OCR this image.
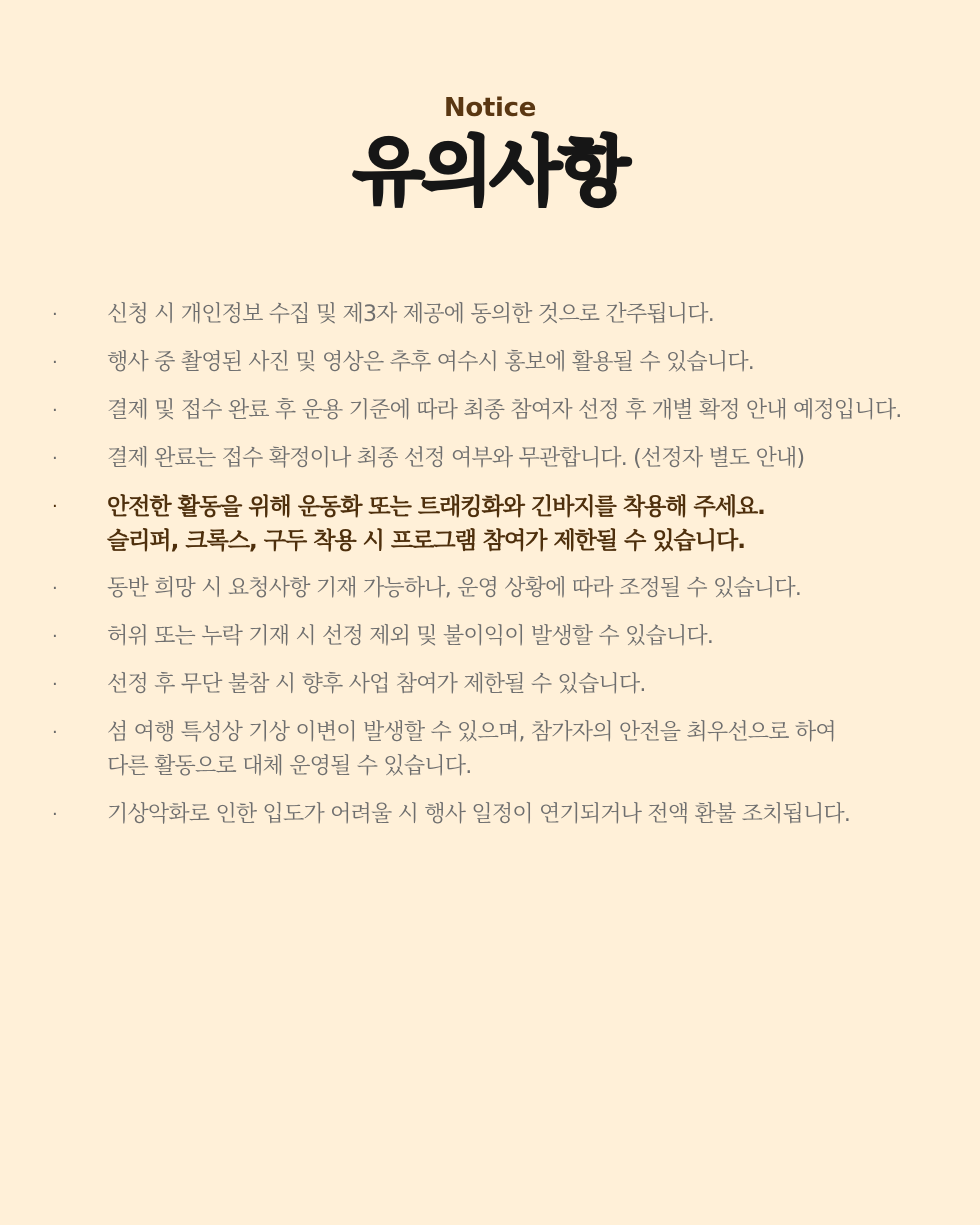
Notice
유의사항
· 신청 시 개인정보 수집 및 제3자 제공에 동의한 것으로 간주됩니다.
· 행사 중 촬영된 사진 및 영상은 추후 여수시 홍보에 활용될 수 있습니다.
· 결제 및 접수 완료 후 운용 기준에 따라 최종 참여자 선정 후 개별 확정 안내 예정입니다.
· 결제 완료는 접수 확정이나 최종 선정 여부와 무관합니다. (선정자 별도 안내)
· 안전한 활동을 위해 운동화 또는 트래킹화와 긴바지를 착용해 주세요.
슬리퍼, 크록스, 구두 착용 시 프로그램 참여가 제한될 수 있습니다.
· 동반 희망 시 요청사항 기재 가능하나, 운영 상황에 따라 조정될 수 있습니다.
· 허위 또는 누락 기재 시 선정 제외 및 불이익이 발생할 수 있습니다.
· 선정 후 무단 불참 시 향후 사업 참여가 제한될 수 있습니다.
· 섬 여행 특성상 기상 이변이 발생할 수 있으며, 참가자의 안전을 최우선으로 하여
다른 활동으로 대체 운영될 수 있습니다.
· 기상악화로 인한 입도가 어려울 시 행사 일정이 연기되거나 전액 환불 조치됩니다.
